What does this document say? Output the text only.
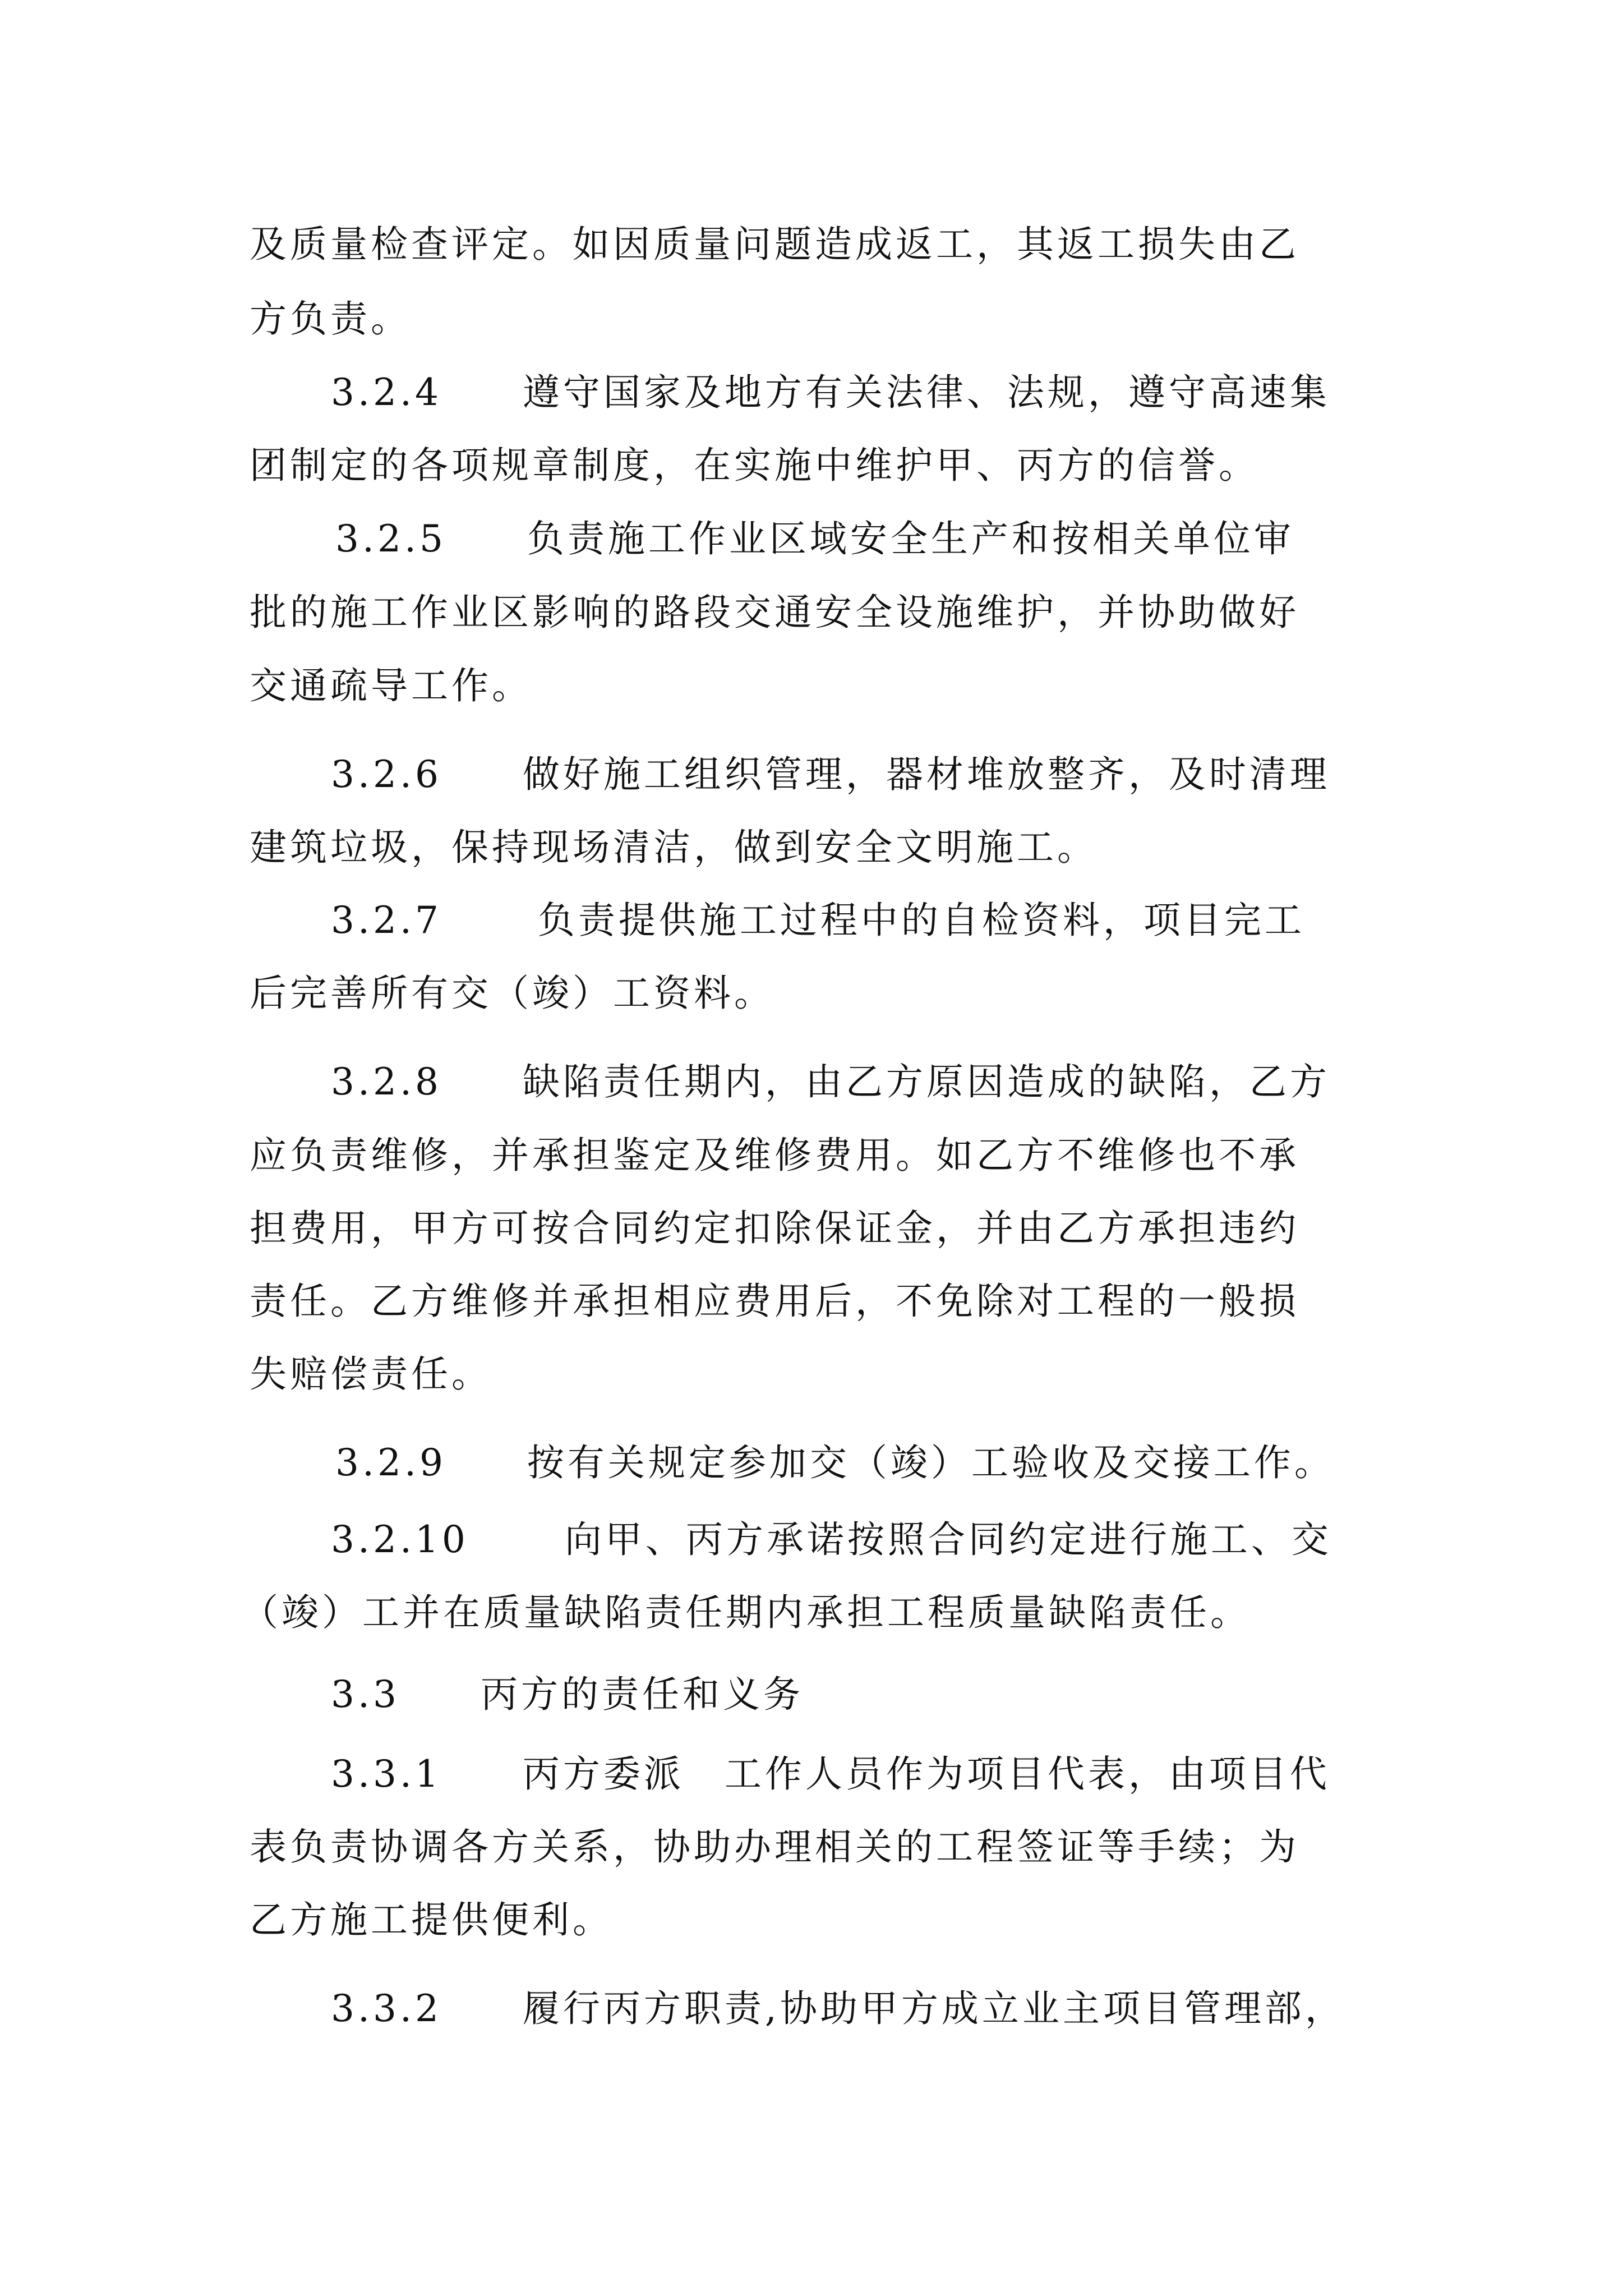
及质量检查评定。如因质量问题造成返工，其返工损失由乙
方负责。
3.2.4　　遵守国家及地方有关法律、法规，遵守高速集
团制定的各项规章制度，在实施中维护甲、丙方的信誉。
3.2.5　　负责施工作业区域安全生产和按相关单位审
批的施工作业区影响的路段交通安全设施维护，并协助做好
交通疏导工作。
3.2.6　　做好施工组织管理，器材堆放整齐，及时清理
建筑垃圾，保持现场清洁，做到安全文明施工。
3.2.7　　 负责提供施工过程中的自检资料，项目完工
后完善所有交（竣）工资料。
3.2.8　　缺陷责任期内，由乙方原因造成的缺陷，乙方
应负责维修，并承担鉴定及维修费用。如乙方不维修也不承
担费用，甲方可按合同约定扣除保证金，并由乙方承担违约
责任。乙方维修并承担相应费用后，不免除对工程的一般损
失赔偿责任。
3.2.9　　按有关规定参加交（竣）工验收及交接工作。
3.2.10　　 向甲、丙方承诺按照合同约定进行施工、交
（竣）工并在质量缺陷责任期内承担工程质量缺陷责任。
3.3　　丙方的责任和义务
3.3.1　　丙方委派　工作人员作为项目代表，由项目代
表负责协调各方关系，协助办理相关的工程签证等手续；为
乙方施工提供便利。
3.3.2　　履行丙方职责,协助甲方成立业主项目管理部，
